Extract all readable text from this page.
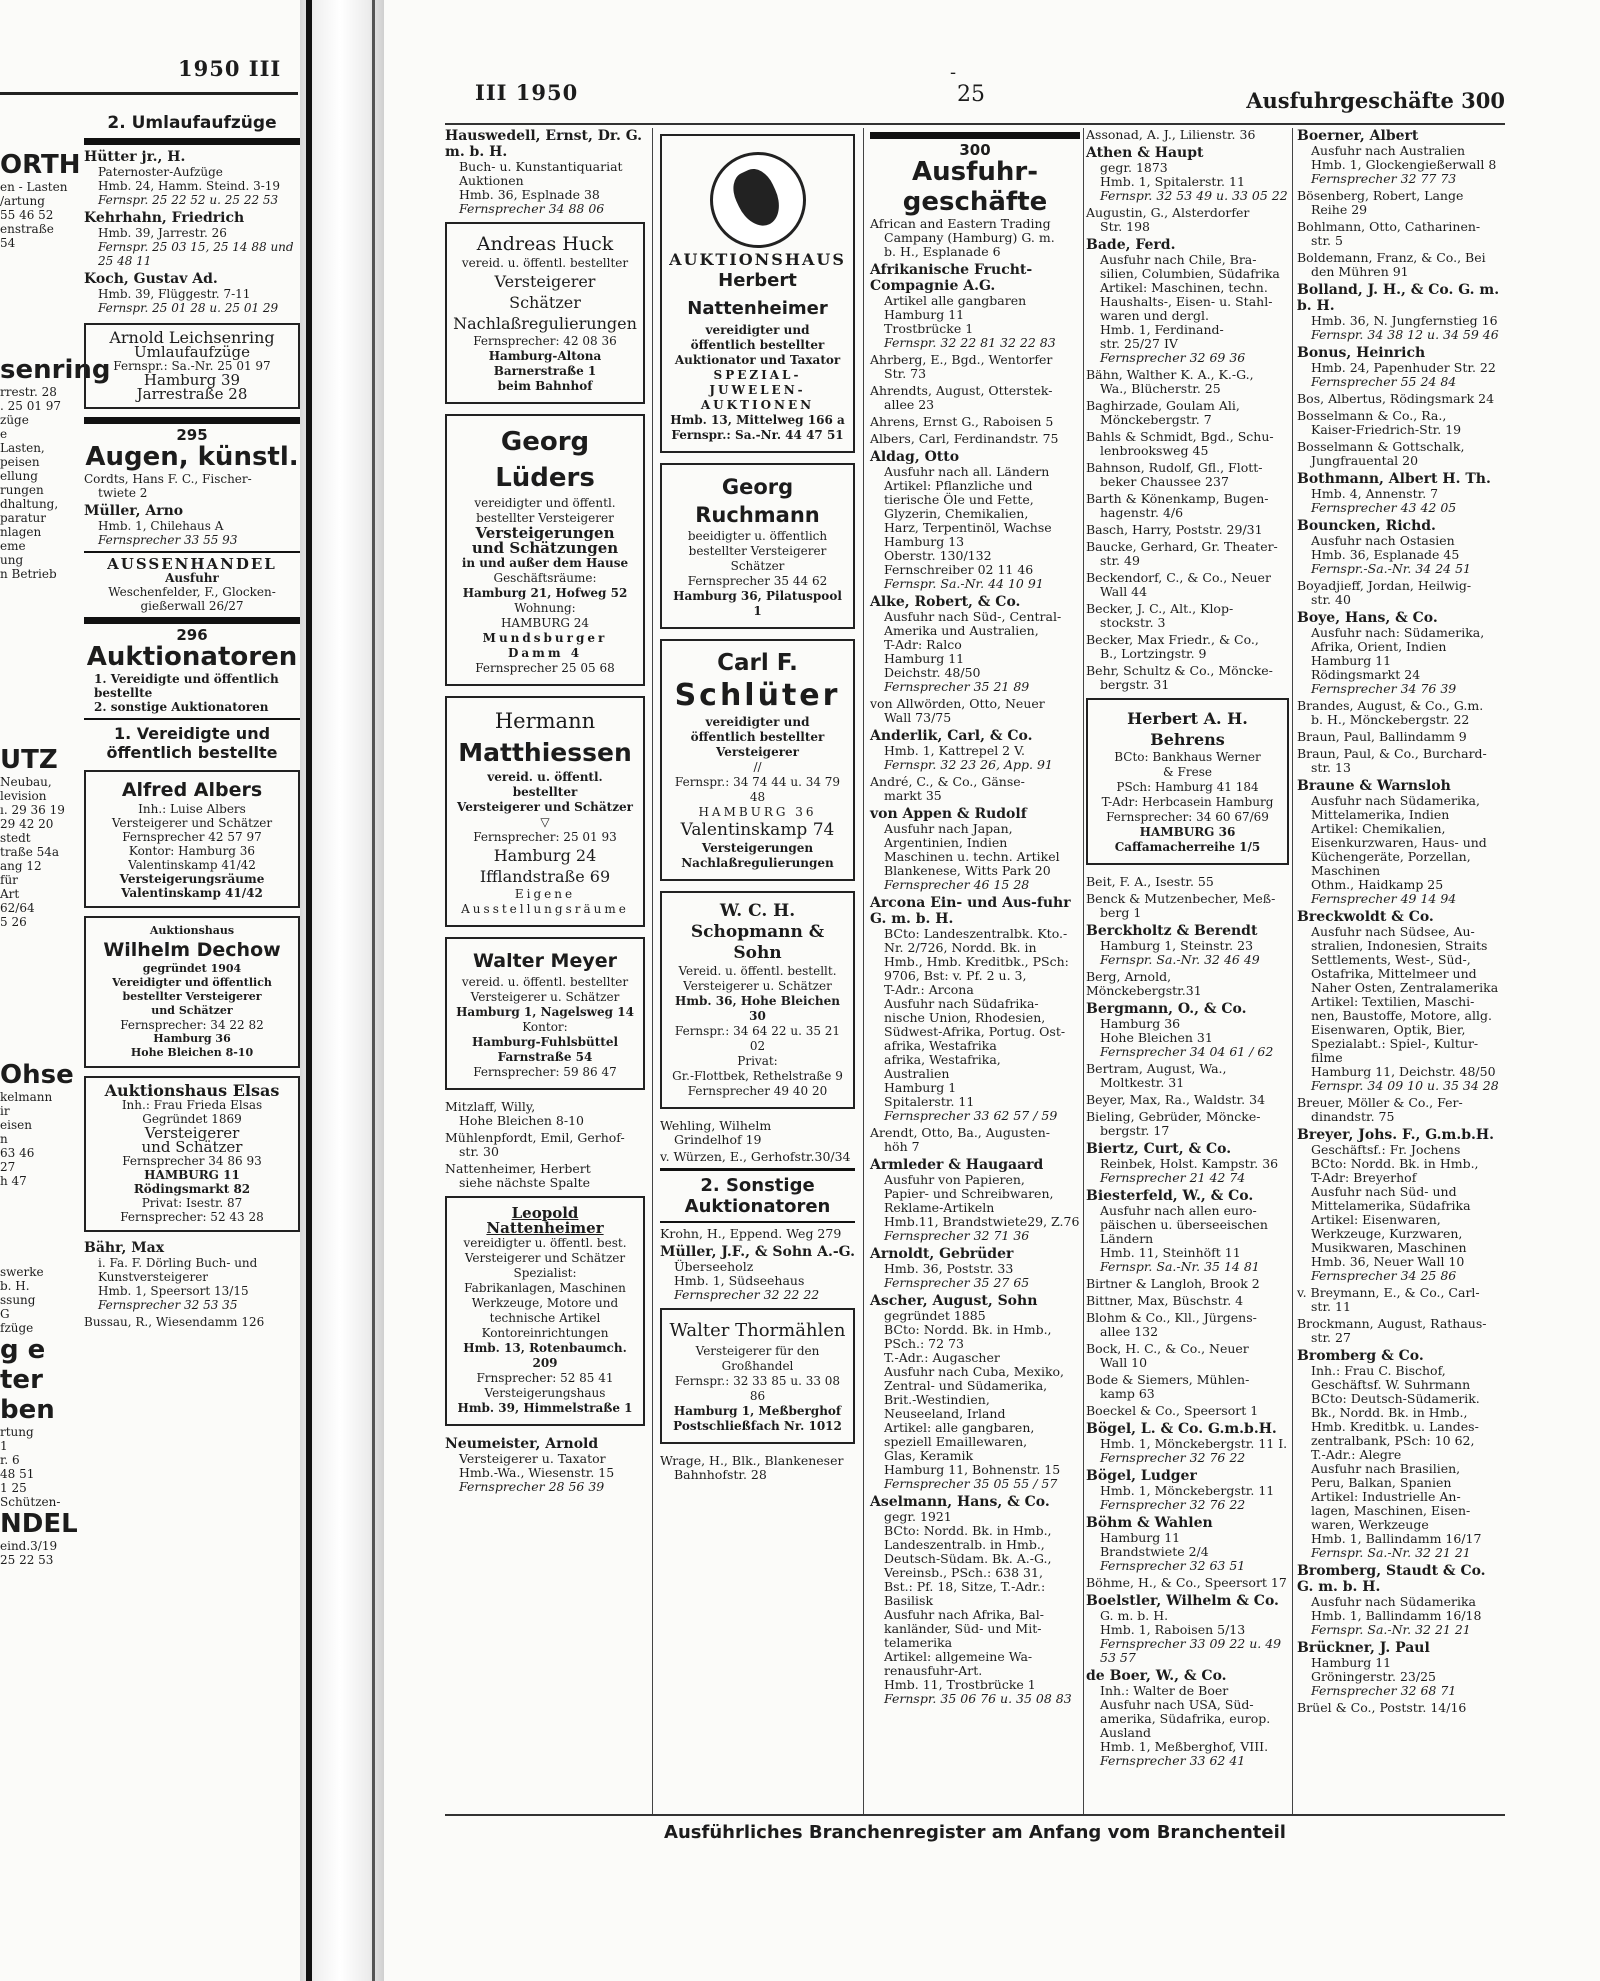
1950 III
ORTH
en - Lasten
/artung
55 46 52
enstraße 54
senring
rrestr. 28
. 25 01 97
züge
e
Lasten,
peisen
ellung
rungen
dhaltung,
paratur
nlagen
eme
ung
n Betrieb
UTZ
Neubau,
levision
ı. 29 36 19
29 42 20
stedt
traße 54a
ang 12
für
Art
62/64
5 26
Ohse
kelmann
ir
eisen
n
63 46
27
h 47
swerke
b. H.
ssung
G
fzüge
g e
ter
ben
rtung
1
r. 6
48 51
1 25
Schützen-
NDEL
eind.3/19
25 22 53
2. Umlaufaufzüge
Hütter jr., H.
Paternoster-Aufzüge
Hmb. 24, Hamm. Steind. 3-19
Fernspr. 25 22 52 u. 25 22 53
Kehrhahn, Friedrich
Hmb. 39, Jarrestr. 26
Fernspr. 25 03 15, 25 14 88 und 25 48 11
Koch, Gustav Ad.
Hmb. 39, Flüggestr. 7-11
Fernspr. 25 01 28 u. 25 01 29
Arnold Leichsenring
Umlaufaufzüge
Fernspr.: Sa.-Nr. 25 01 97
Hamburg 39
Jarrestraße 28
295
Augen, künstl.
Cordts, Hans F. C., Fischer-
twiete 2
Müller, Arno
Hmb. 1, Chilehaus A
Fernsprecher 33 55 93
AUSSENHANDEL
Ausfuhr
Weschenfelder, F., Glocken-
gießerwall 26/27
296
Auktionatoren
1. Vereidigte und öffentlich bestellte
2. sonstige Auktionatoren
1. Vereidigte und öffentlich bestellte
Alfred Albers
Inh.: Luise Albers
Versteigerer und Schätzer
Fernsprecher 42 57 97
Kontor: Hamburg 36
Valentinskamp 41/42
Versteigerungsräume
Valentinskamp 41/42
Auktionshaus
Wilhelm Dechow
gegründet 1904
Vereidigter und öffentlich
bestellter Versteigerer
und Schätzer
Fernsprecher: 34 22 82
Hamburg 36
Hohe Bleichen 8-10
Auktionshaus Elsas
Inh.: Frau Frieda Elsas
Gegründet 1869
Versteigerer
und Schätzer
Fernsprecher 34 86 93
HAMBURG 11
Rödingsmarkt 82
Privat: Isestr. 87
Fernsprecher: 52 43 28
Bähr, Max
i. Fa. F. Dörling Buch- und
Kunstversteigerer
Hmb. 1, Speersort 13/15
Fernsprecher 32 53 35
Bussau, R., Wiesendamm 126
III 1950
-
25	Ausfuhrgeschäfte 300
Hauswedell, Ernst, Dr. G. m. b. H.
Buch- u. Kunstantiquariat
Auktionen
Hmb. 36, Esplnade 38
Fernsprecher 34 88 06
Andreas Huck
vereid. u. öffentl. bestellter
Versteigerer
Schätzer
Nachlaßregulierungen
Fernsprecher: 42 08 36
Hamburg-Altona
Barnerstraße 1
beim Bahnhof
Georg Lüders
vereidigter und öffentl.
bestellter Versteigerer
Versteigerungen
und Schätzungen
in und außer dem Hause
Geschäftsräume:
Hamburg 21, Hofweg 52
Wohnung:
HAMBURG 24
Mundsburger Damm 4
Fernsprecher 25 05 68
Hermann
Matthiessen
vereid. u. öffentl. bestellter
Versteigerer und Schätzer
▽
Fernsprecher: 25 01 93
Hamburg 24
Ifflandstraße 69
Eigene
Ausstellungsräume
Walter Meyer
vereid. u. öffentl. bestellter
Versteigerer u. Schätzer
Hamburg 1, Nagelsweg 14
Kontor:
Hamburg-Fuhlsbüttel
Farnstraße 54
Fernsprecher: 59 86 47
Mitzlaff, Willy,
Hohe Bleichen 8-10
Mühlenpfordt, Emil, Gerhof-
str. 30
Nattenheimer, Herbert
siehe nächste Spalte
Leopold Nattenheimer
vereidigter u. öffentl. best.
Versteigerer und Schätzer
Spezialist:
Fabrikanlagen, Maschinen
Werkzeuge, Motore und
technische Artikel
Kontoreinrichtungen
Hmb. 13, Rotenbaumch. 209
Frnsprecher: 52 85 41
Versteigerungshaus
Hmb. 39, Himmelstraße 1
Neumeister, Arnold
Versteigerer u. Taxator
Hmb.-Wa., Wiesenstr. 15
Fernsprecher 28 56 39
AUKTIONSHAUS
Herbert Nattenheimer
vereidigter und
öffentlich bestellter
Auktionator und Taxator
SPEZIAL-
JUWELEN-
AUKTIONEN
Hmb. 13, Mittelweg 166 a
Fernspr.: Sa.-Nr. 44 47 51
Georg
Ruchmann
beeidigter u. öffentlich
bestellter Versteigerer
Schätzer
Fernsprecher 35 44 62
Hamburg 36, Pilatuspool 1
Carl F.
Schlüter
vereidigter und
öffentlich bestellter
Versteigerer
//
Fernspr.: 34 74 44 u. 34 79 48
HAMBURG 36
Valentinskamp 74
Versteigerungen
Nachlaßregulierungen
W. C. H.
Schopmann & Sohn
Vereid. u. öffentl. bestellt.
Versteigerer u. Schätzer
Hmb. 36, Hohe Bleichen 30
Fernspr.: 34 64 22 u. 35 21 02
Privat:
Gr.-Flottbek, Rethelstraße 9
Fernsprecher 49 40 20
Wehling, Wilhelm
Grindelhof 19
v. Würzen, E., Gerhofstr.30/34
2. Sonstige Auktionatoren
Krohn, H., Eppend. Weg 279
Müller, J.F., & Sohn A.-G.
Überseeholz
Hmb. 1, Südseehaus
Fernsprecher 32 22 22
Walter Thormählen
Versteigerer für den
Großhandel
Fernspr.: 32 33 85 u. 33 08 86
Hamburg 1, Meßberghof
Postschließfach Nr. 1012
Wrage, H., Blk., Blankeneser
Bahnhofstr. 28
300
Ausfuhr-geschäfte
African and Eastern Trading
Campany (Hamburg) G. m.
b. H., Esplanade 6
Afrikanische Frucht-Compagnie A.G.
Artikel alle gangbaren
Hamburg 11
Trostbrücke 1
Fernspr. 32 22 81 32 22 83
Ahrberg, E., Bgd., Wentorfer
Str. 73
Ahrendts, August, Otterstek-
allee 23
Ahrens, Ernst G., Raboisen 5
Albers, Carl, Ferdinandstr. 75
Aldag, Otto
Ausfuhr nach all. Ländern
Artikel: Pflanzliche und
tierische Öle und Fette,
Glyzerin, Chemikalien,
Harz, Terpentinöl, Wachse
Hamburg 13
Oberstr. 130/132
Fernschreiber 02 11 46
Fernspr. Sa.-Nr. 44 10 91
Alke, Robert, & Co.
Ausfuhr nach Süd-, Central-
Amerika und Australien,
T-Adr: Ralco
Hamburg 11
Deichstr. 48/50
Fernsprecher 35 21 89
von Allwörden, Otto, Neuer
Wall 73/75
Anderlik, Carl, & Co.
Hmb. 1, Kattrepel 2 V.
Fernspr. 32 23 26, App. 91
André, C., & Co., Gänse-
markt 35
von Appen & Rudolf
Ausfuhr nach Japan,
Argentinien, Indien
Maschinen u. techn. Artikel
Blankenese, Witts Park 20
Fernsprecher 46 15 28
Arcona Ein- und Aus-fuhr G. m. b. H.
BCto: Landeszentralbk. Kto.-
Nr. 2/726, Nordd. Bk. in
Hmb., Hmb. Kreditbk., PSch:
9706, Bst: v. Pf. 2 u. 3,
T-Adr.: Arcona
Ausfuhr nach Südafrika-
nische Union, Rhodesien,
Südwest-Afrika, Portug. Ost-
afrika, Westafrika
afrika, Westafrika,
Australien
Hamburg 1
Spitalerstr. 11
Fernsprecher 33 62 57 / 59
Arendt, Otto, Ba., Augusten-
höh 7
Armleder & Haugaard
Ausfuhr von Papieren,
Papier- und Schreibwaren,
Reklame-Artikeln
Hmb.11, Brandstwiete29, Z.76
Fernsprecher 32 71 36
Arnoldt, Gebrüder
Hmb. 36, Poststr. 33
Fernsprecher 35 27 65
Ascher, August, Sohn
gegründet 1885
BCto: Nordd. Bk. in Hmb.,
PSch.: 72 73
T.-Adr.: Augascher
Ausfuhr nach Cuba, Mexiko,
Zentral- und Südamerika,
Brit.-Westindien,
Neuseeland, Irland
Artikel: alle gangbaren,
speziell Emaillewaren,
Glas, Keramik
Hamburg 11, Bohnenstr. 15
Fernsprecher 35 05 55 / 57
Aselmann, Hans, & Co.
gegr. 1921
BCto: Nordd. Bk. in Hmb.,
Landeszentralb. in Hmb.,
Deutsch-Südam. Bk. A.-G.,
Vereinsb., PSch.: 638 31,
Bst.: Pf. 18, Sitze, T.-Adr.:
Basilisk
Ausfuhr nach Afrika, Bal-
kanländer, Süd- und Mit-
telamerika
Artikel: allgemeine Wa-
renausfuhr-Art.
Hmb. 11, Trostbrücke 1
Fernspr. 35 06 76 u. 35 08 83
Assonad, A. J., Lilienstr. 36
Athen & Haupt
gegr. 1873
Hmb. 1, Spitalerstr. 11
Fernspr. 32 53 49 u. 33 05 22
Augustin, G., Alsterdorfer
Str. 198
Bade, Ferd.
Ausfuhr nach Chile, Bra-
silien, Columbien, Südafrika
Artikel: Maschinen, techn.
Haushalts-, Eisen- u. Stahl-
waren und dergl.
Hmb. 1, Ferdinand-
str. 25/27 IV
Fernsprecher 32 69 36
Bähn, Walther K. A., K.-G.,
Wa., Blücherstr. 25
Baghirzade, Goulam Ali,
Mönckebergstr. 7
Bahls & Schmidt, Bgd., Schu-
lenbrooksweg 45
Bahnson, Rudolf, Gfl., Flott-
beker Chaussee 237
Barth & Könenkamp, Bugen-
hagenstr. 4/6
Basch, Harry, Poststr. 29/31
Baucke, Gerhard, Gr. Theater-
str. 49
Beckendorf, C., & Co., Neuer
Wall 44
Becker, J. C., Alt., Klop-
stockstr. 3
Becker, Max Friedr., & Co.,
B., Lortzingstr. 9
Behr, Schultz & Co., Möncke-
bergstr. 31
Herbert A. H. Behrens
BCto: Bankhaus Werner
& Frese
PSch: Hamburg 41 184
T-Adr: Herbcasein Hamburg
Fernsprecher: 34 60 67/69
HAMBURG 36
Caffamacherreihe 1/5
Beit, F. A., Isestr. 55
Benck & Mutzenbecher, Meß-
berg 1
Berckholtz & Berendt
Hamburg 1, Steinstr. 23
Fernspr. Sa.-Nr. 32 46 49
Berg, Arnold, Mönckebergstr.31
Bergmann, O., & Co.
Hamburg 36
Hohe Bleichen 31
Fernsprecher 34 04 61 / 62
Bertram, August, Wa.,
Moltkestr. 31
Beyer, Max, Ra., Waldstr. 34
Bieling, Gebrüder, Möncke-
bergstr. 17
Biertz, Curt, & Co.
Reinbek, Holst. Kampstr. 36
Fernsprecher 21 42 74
Biesterfeld, W., & Co.
Ausfuhr nach allen euro-
päischen u. überseeischen
Ländern
Hmb. 11, Steinhöft 11
Fernspr. Sa.-Nr. 35 14 81
Birtner & Langloh, Brook 2
Bittner, Max, Büschstr. 4
Blohm & Co., Kll., Jürgens-
allee 132
Bock, H. C., & Co., Neuer
Wall 10
Bode & Siemers, Mühlen-
kamp 63
Boeckel & Co., Speersort 1
Bögel, L. & Co. G.m.b.H.
Hmb. 1, Mönckebergstr. 11 I.
Fernsprecher 32 76 22
Bögel, Ludger
Hmb. 1, Mönckebergstr. 11
Fernsprecher 32 76 22
Böhm & Wahlen
Hamburg 11
Brandstwiete 2/4
Fernsprecher 32 63 51
Böhme, H., & Co., Speersort 17
Boelstler, Wilhelm & Co.
G. m. b. H.
Hmb. 1, Raboisen 5/13
Fernsprecher 33 09 22 u. 49 53 57
de Boer, W., & Co.
Inh.: Walter de Boer
Ausfuhr nach USA, Süd-
amerika, Südafrika, europ.
Ausland
Hmb. 1, Meßberghof, VIII.
Fernsprecher 33 62 41
Boerner, Albert
Ausfuhr nach Australien
Hmb. 1, Glockengießerwall 8
Fernsprecher 32 77 73
Bösenberg, Robert, Lange
Reihe 29
Bohlmann, Otto, Catharinen-
str. 5
Boldemann, Franz, & Co., Bei
den Mühren 91
Bolland, J. H., & Co. G. m. b. H.
Hmb. 36, N. Jungfernstieg 16
Fernspr. 34 38 12 u. 34 59 46
Bonus, Heinrich
Hmb. 24, Papenhuder Str. 22
Fernsprecher 55 24 84
Bos, Albertus, Rödingsmark 24
Bosselmann & Co., Ra.,
Kaiser-Friedrich-Str. 19
Bosselmann & Gottschalk,
Jungfrauental 20
Bothmann, Albert H. Th.
Hmb. 4, Annenstr. 7
Fernsprecher 43 42 05
Bouncken, Richd.
Ausfuhr nach Ostasien
Hmb. 36, Esplanade 45
Fernspr.-Sa.-Nr. 34 24 51
Boyadjieff, Jordan, Heilwig-
str. 40
Boye, Hans, & Co.
Ausfuhr nach: Südamerika,
Afrika, Orient, Indien
Hamburg 11
Rödingsmarkt 24
Fernsprecher 34 76 39
Brandes, August, & Co., G.m.
b. H., Mönckebergstr. 22
Braun, Paul, Ballindamm 9
Braun, Paul, & Co., Burchard-
str. 13
Braune & Warnsloh
Ausfuhr nach Südamerika,
Mittelamerika, Indien
Artikel: Chemikalien,
Eisenkurzwaren, Haus- und
Küchengeräte, Porzellan,
Maschinen
Othm., Haidkamp 25
Fernsprecher 49 14 94
Breckwoldt & Co.
Ausfuhr nach Südsee, Au-
stralien, Indonesien, Straits
Settlements, West-, Süd-,
Ostafrika, Mittelmeer und
Naher Osten, Zentralamerika
Artikel: Textilien, Maschi-
nen, Baustoffe, Motore, allg.
Eisenwaren, Optik, Bier,
Spezialabt.: Spiel-, Kultur-
filme
Hamburg 11, Deichstr. 48/50
Fernspr. 34 09 10 u. 35 34 28
Breuer, Möller & Co., Fer-
dinandstr. 75
Breyer, Johs. F., G.m.b.H.
Geschäftsf.: Fr. Jochens
BCto: Nordd. Bk. in Hmb.,
T-Adr: Breyerhof
Ausfuhr nach Süd- und
Mittelamerika, Südafrika
Artikel: Eisenwaren,
Werkzeuge, Kurzwaren,
Musikwaren, Maschinen
Hmb. 36, Neuer Wall 10
Fernsprecher 34 25 86
v. Breymann, E., & Co., Carl-
str. 11
Brockmann, August, Rathaus-
str. 27
Bromberg & Co.
Inh.: Frau C. Bischof,
Geschäftsf. W. Suhrmann
BCto: Deutsch-Südamerik.
Bk., Nordd. Bk. in Hmb.,
Hmb. Kreditbk. u. Landes-
zentralbank, PSch: 10 62,
T.-Adr.: Alegre
Ausfuhr nach Brasilien,
Peru, Balkan, Spanien
Artikel: Industrielle An-
lagen, Maschinen, Eisen-
waren, Werkzeuge
Hmb. 1, Ballindamm 16/17
Fernspr. Sa.-Nr. 32 21 21
Bromberg, Staudt & Co. G. m. b. H.
Ausfuhr nach Südamerika
Hmb. 1, Ballindamm 16/18
Fernspr. Sa.-Nr. 32 21 21
Brückner, J. Paul
Hamburg 11
Gröningerstr. 23/25
Fernsprecher 32 68 71
Brüel & Co., Poststr. 14/16
Ausführliches Branchenregister am Anfang vom Branchenteil
